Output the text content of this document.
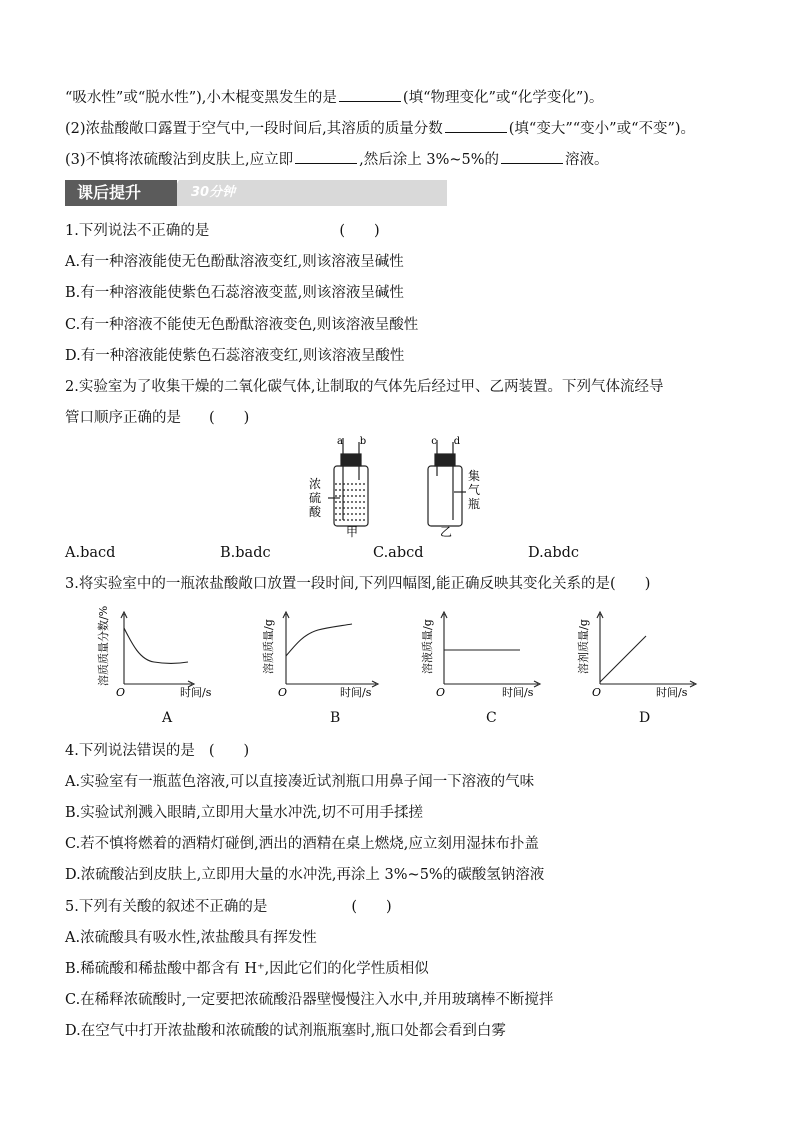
“吸水性”或“脱水性”),小木棍变黑发生的是	(填“物理变化”或“化学变化”)。
(2)浓盐酸敞口露置于空气中,一段时间后,其溶质的质量分数	(填“变大”“变小”或“不变”)。
(3)不慎将浓硫酸沾到皮肤上,应立即	,然后涂上 3%~5%的	溶液。
课后提升	30分钟
1.下列说法不正确的是	(　　)
A.有一种溶液能使无色酚酞溶液变红,则该溶液呈碱性
B.有一种溶液能使紫色石蕊溶液变蓝,则该溶液呈碱性
C.有一种溶液不能使无色酚酞溶液变色,则该溶液呈酸性
D.有一种溶液能使紫色石蕊溶液变红,则该溶液呈酸性
2.实验室为了收集干燥的二氧化碳气体,让制取的气体先后经过甲、乙两装置。下列气体流经导
管口顺序正确的是 (　　)
a b
浓
硫
酸
甲
c d
集
气
瓶
乙
A.bacd	B.badc	C.abcd	D.abdc
3.将实验室中的一瓶浓盐酸敞口放置一段时间,下列四幅图,能正确反映其变化关系的是(　　)
溶质质量分数/%
O	时间/s
A
溶质质量/g
O	时间/s
B
溶液质量/g
O	时间/s
C
溶剂质量/g
O	时间/s
D
4.下列说法错误的是 (　　)
A.实验室有一瓶蓝色溶液,可以直接凑近试剂瓶口用鼻子闻一下溶液的气味
B.实验试剂溅入眼睛,立即用大量水冲洗,切不可用手揉搓
C.若不慎将燃着的酒精灯碰倒,洒出的酒精在桌上燃烧,应立刻用湿抹布扑盖
D.浓硫酸沾到皮肤上,立即用大量的水冲洗,再涂上 3%~5%的碳酸氢钠溶液
5.下列有关酸的叙述不正确的是	(　　)
A.浓硫酸具有吸水性,浓盐酸具有挥发性
B.稀硫酸和稀盐酸中都含有 H⁺,因此它们的化学性质相似
C.在稀释浓硫酸时,一定要把浓硫酸沿器壁慢慢注入水中,并用玻璃棒不断搅拌
D.在空气中打开浓盐酸和浓硫酸的试剂瓶瓶塞时,瓶口处都会看到白雾
